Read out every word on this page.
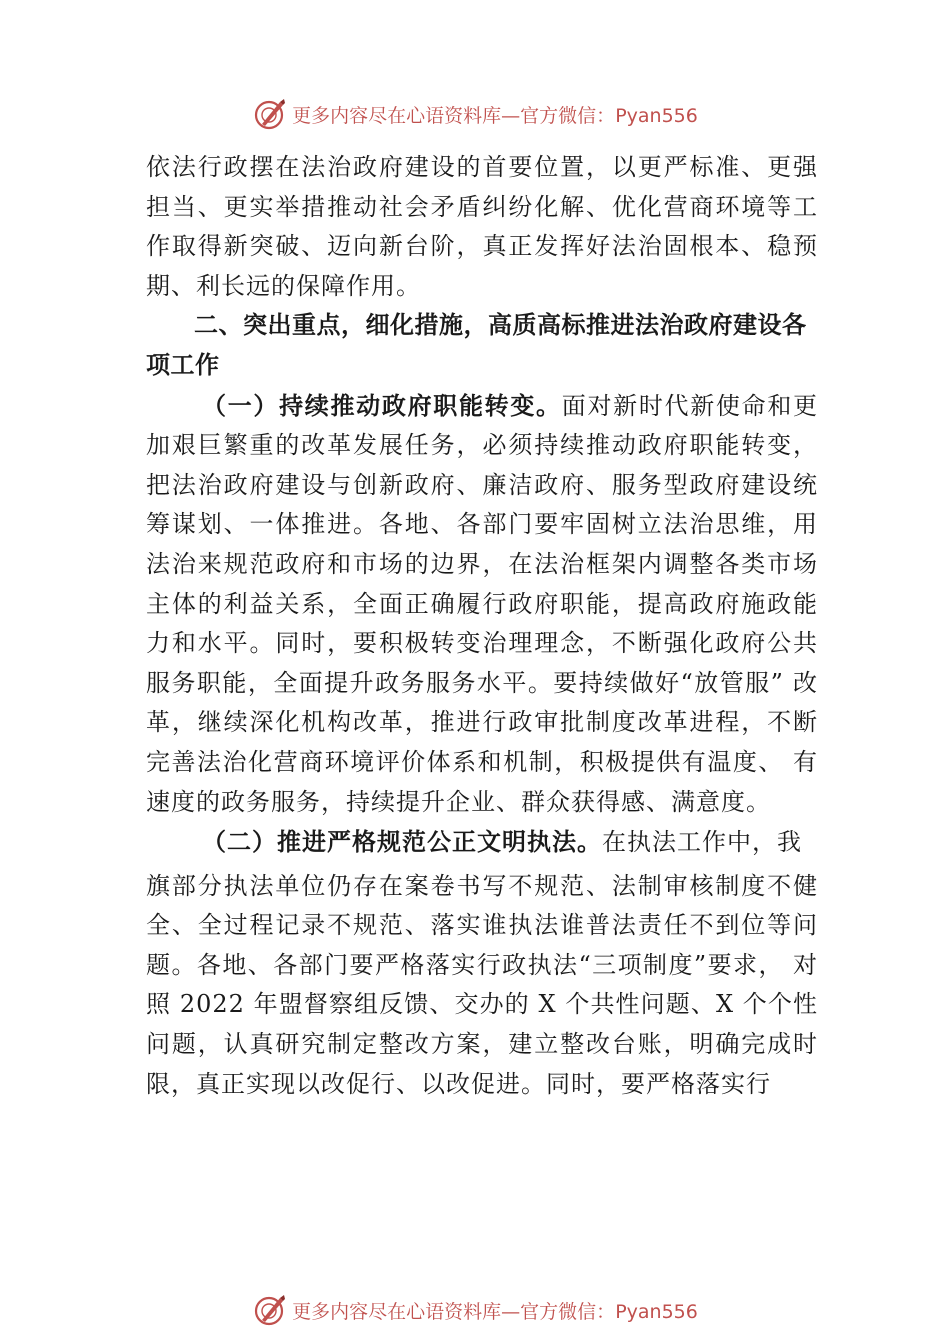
更多内容尽在心语资料库—官方微信：Pyan556

依法行政摆在法治政府建设的首要位置，以更严标准、更强担当、更实举措推动社会矛盾纠纷化解、优化营商环境等工作取得新突破、迈向新台阶，真正发挥好法治固根本、稳预期、利长远的保障作用。

二、突出重点，细化措施，高质高标推进法治政府建设各项工作

（一）持续推动政府职能转变。面对新时代新使命和更加艰巨繁重的改革发展任务，必须持续推动政府职能转变， 把法治政府建设与创新政府、廉洁政府、服务型政府建设统筹谋划、一体推进。各地、各部门要牢固树立法治思维，用法治来规范政府和市场的边界，在法治框架内调整各类市场主体的利益关系，全面正确履行政府职能，提高政府施政能力和水平。同时，要积极转变治理理念，不断强化政府公共服务职能，全面提升政务服务水平。要持续做好“放管服” 改革，继续深化机构改革，推进行政审批制度改革进程，不断完善法治化营商环境评价体系和机制，积极提供有温度、 有速度的政务服务，持续提升企业、群众获得感、满意度。

（二）推进严格规范公正文明执法。在执法工作中，我

旗部分执法单位仍存在案卷书写不规范、法制审核制度不健全、全过程记录不规范、落实谁执法谁普法责任不到位等问题。各地、各部门要严格落实行政执法“三项制度”要求， 对照 2022 年盟督察组反馈、交办的 X 个共性问题、X 个个性问题，认真研究制定整改方案，建立整改台账，明确完成时限，真正实现以改促行、以改促进。同时，要严格落实行

更多内容尽在心语资料库—官方微信：Pyan556
